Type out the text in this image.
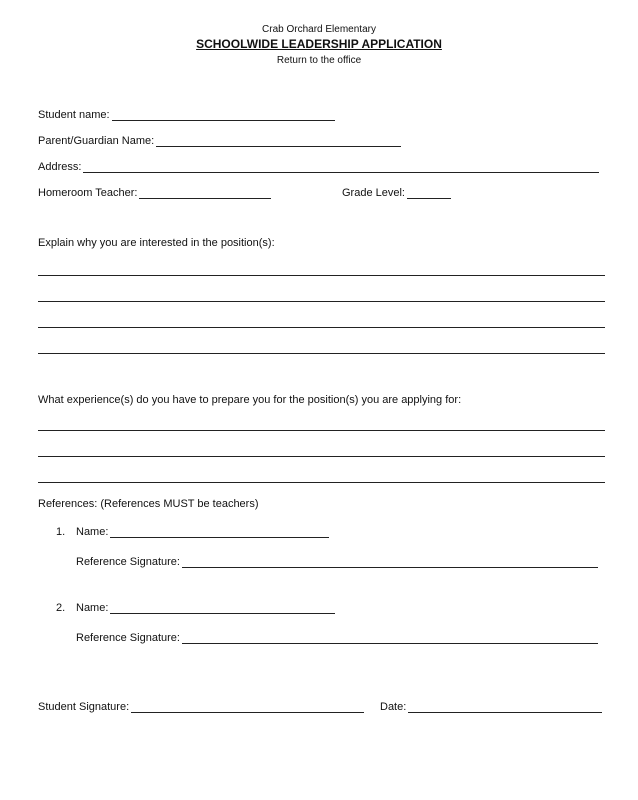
Crab Orchard Elementary
SCHOOLWIDE LEADERSHIP APPLICATION
Return to the office
Student name:
Parent/Guardian Name:
Address:
Homeroom Teacher:	Grade Level:
Explain why you are interested in the position(s):
What experience(s) do you have to prepare you for the position(s) you are applying for:
References: (References MUST be teachers)
1. Name:
Reference Signature:
2. Name:
Reference Signature:
Student Signature:	Date:
